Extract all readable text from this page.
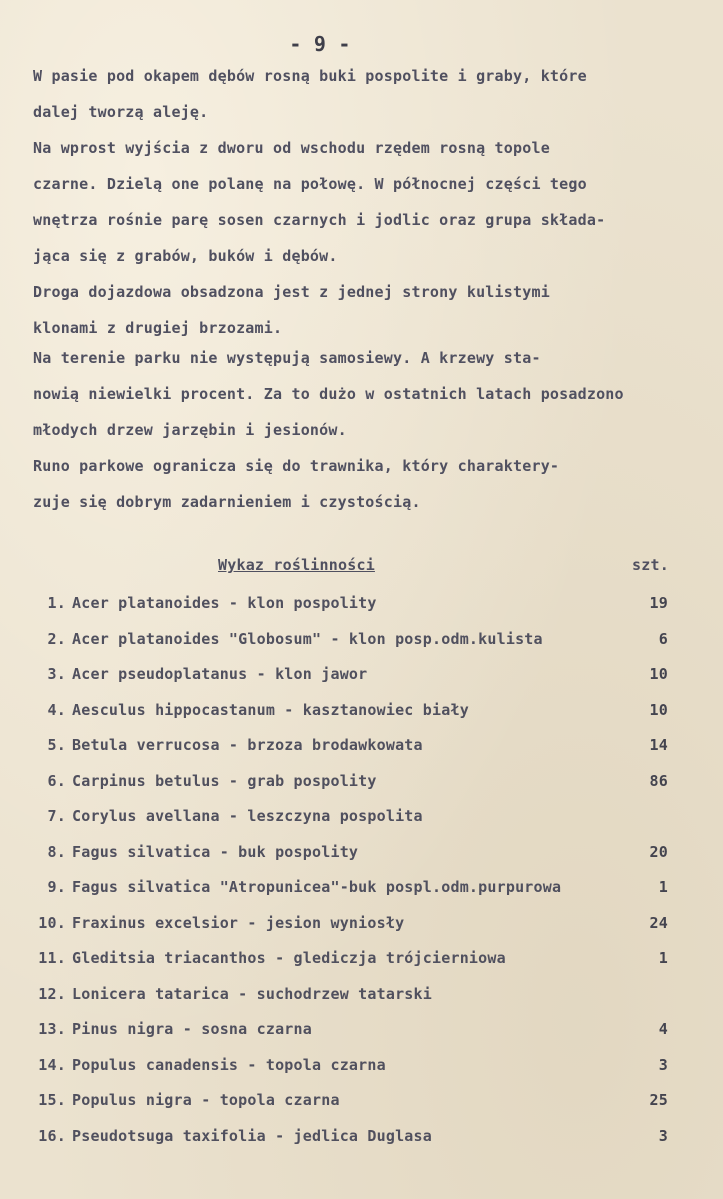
- 9 -

W pasie pod okapem dębów rosną buki pospolite i graby, które
dalej tworzą aleję.

Na wprost wyjścia z dworu od wschodu rzędem rosną topole
czarne. Dzielą one polanę na połowę. W północnej części tego
wnętrza rośnie parę sosen czarnych i jodlic oraz grupa składa-
jąca się z grabów, buków i dębów.

Droga dojazdowa obsadzona jest z jednej strony kulistymi
klonami z drugiej brzozami.

Na terenie parku nie występują samosiewy. A krzewy sta-
nowią niewielki procent. Za to dużo w ostatnich latach posadzono
młodych drzew jarzębin i jesionów.

Runo parkowe ogranicza się do trawnika, który charaktery-
zuje się dobrym zadarnieniem i czystością.

Wykaz roślinności	szt.
1. Acer platanoides - klon pospolity	19
2. Acer platanoides "Globosum" - klon posp.odm.kulista	6
3. Acer pseudoplatanus - klon jawor	10
4. Aesculus hippocastanum - kasztanowiec biały	10
5. Betula verrucosa - brzoza brodawkowata	14
6. Carpinus betulus - grab pospolity	86
7. Corylus avellana - leszczyna pospolita
8. Fagus silvatica - buk pospolity	20
9. Fagus silvatica "Atropunicea"-buk pospl.odm.purpurowa	1
10. Fraxinus excelsior - jesion wyniosły	24
11. Gleditsia triacanthos - glediczja trójcierniowa	1
12. Lonicera tatarica - suchodrzew tatarski
13. Pinus nigra - sosna czarna	4
14. Populus canadensis - topola czarna	3
15. Populus nigra - topola czarna	25
16. Pseudotsuga taxifolia - jedlica Duglasa	3
